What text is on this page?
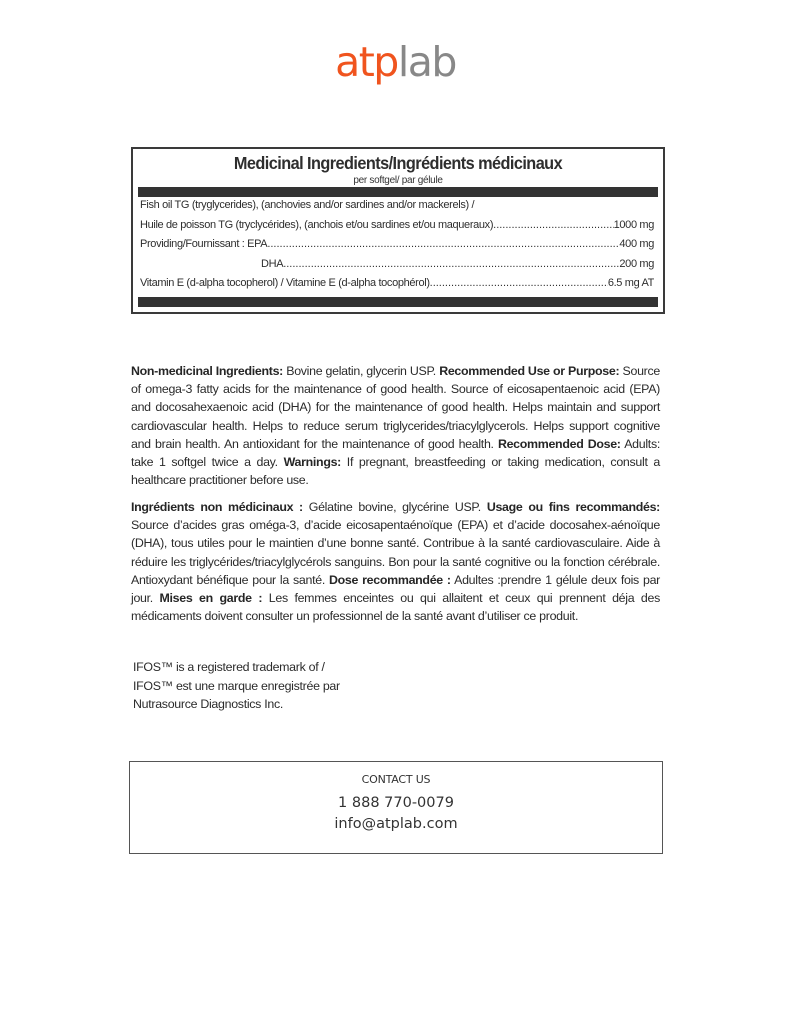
atplab
Medicinal Ingredients/Ingrédients médicinaux
per softgel/ par gélule
Fish oil TG (tryglycerides), (anchovies and/or sardines and/or mackerels) /
Huile de poisson TG (tryclycérides), (anchois et/ou sardines et/ou maqueraux) .....	1000 mg
Providing/Fournissant : EPA .....	400 mg
DHA .....	200 mg
Vitamin E (d-alpha tocopherol) / Vitamine E (d-alpha tocophérol) .....	6.5 mg AT
Non-medicinal Ingredients: Bovine gelatin, glycerin USP. Recommended Use or Purpose: Source of omega-3 fatty acids for the maintenance of good health. Source of eicosapentaenoic acid (EPA) and docosahexaenoic acid (DHA) for the maintenance of good health. Helps maintain and support cardiovascular health. Helps to reduce serum triglycerides/triacylglycerols. Helps support cognitive and brain health. An antioxidant for the maintenance of good health. Recommended Dose: Adults: take 1 softgel twice a day. Warnings: If pregnant, breastfeeding or taking medication, consult a healthcare practitioner before use.
Ingrédients non médicinaux : Gélatine bovine, glycérine USP. Usage ou fins recommandés: Source d’acides gras oméga-3, d’acide eicosapentaénoïque (EPA) et d’acide docosahex-aénoïque (DHA), tous utiles pour le maintien d’une bonne santé. Contribue à la santé cardiovasculaire. Aide à réduire les triglycérides/triacylglycérols sanguins. Bon pour la santé cognitive ou la fonction cérébrale. Antioxydant bénéfique pour la santé. Dose recommandée : Adultes :prendre 1 gélule deux fois par jour. Mises en garde : Les femmes enceintes ou qui allaitent et ceux qui prennent déja des médicaments doivent consulter un professionnel de la santé avant d’utiliser ce produit.
IFOS™ is a registered trademark of /
IFOS™ est une marque enregistrée par
Nutrasource Diagnostics Inc.
CONTACT US
1 888 770-0079
info@atplab.com
